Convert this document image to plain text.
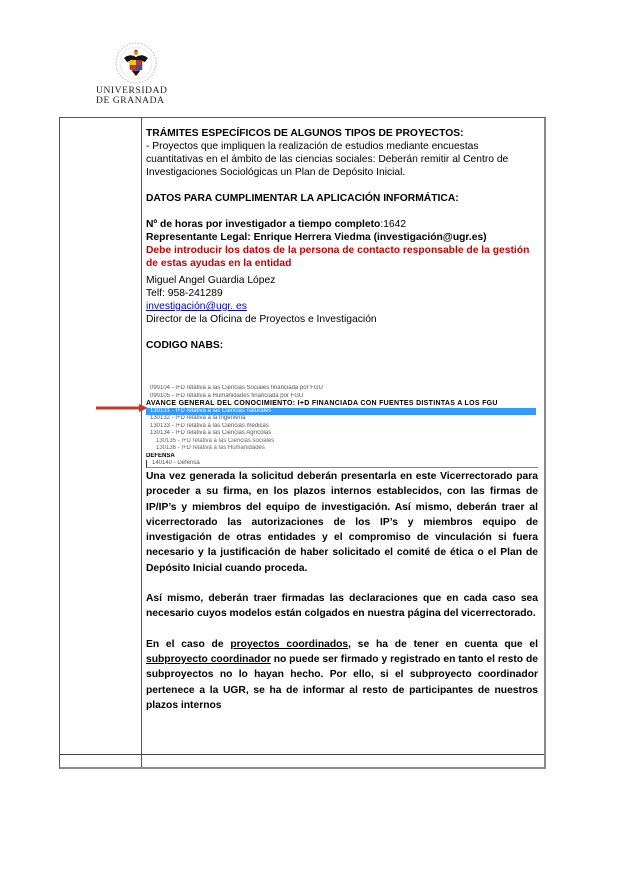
UNIVERSIDAD
DE GRANADA

TRÁMITES ESPECÍFICOS DE ALGUNOS TIPOS DE PROYECTOS:

- Proyectos que impliquen la realización de estudios mediante encuestas cuantitativas en el ámbito de las ciencias sociales: Deberán remitir al Centro de Investigaciones Sociológicas un Plan de Depósito Inicial.

DATOS PARA CUMPLIMENTAR LA APLICACIÓN INFORMÁTICA:

Nº de horas por investigador a tiempo completo:1642

Representante Legal: Enrique Herrera Viedma (investigación@ugr.es)

Debe introducir los datos de la persona de contacto responsable de la gestión de estas ayudas en la entidad

Miguel Angel Guardia López

Telf: 958-241289

investigación@ugr. es

Director de la Oficina de Proyectos e Investigación

CODIGO NABS:

090104 - I+D relativa a las Ciencias Sociales financiada por FGU
090105 - I+D relativa a Humanidades financiada por FGU
AVANCE GENERAL DEL CONOCIMIENTO: I+D FINANCIADA CON FUENTES DISTINTAS A LOS FGU
130131 - I+D relativa a las Ciencias naturales
130132 - I+D relativa a la Ingeniería
130133 - I+D relativa a las Ciencias médicas
130134 - I+D relativa a las Ciencias Agrícolas
130135 - I+D relativa a las Ciencias sociales
130136 - I+D relativa a las Humanidades
DEFENSA
140140 - Defensa

Una vez generada la solicitud deberán presentarla en este Vicerrectorado para proceder a su firma, en los plazos internos establecidos, con las firmas de IP/IP’s y miembros del equipo de investigación. Así mismo, deberán traer al vicerrectorado las autorizaciones de los IP’s y miembros equipo de investigación de otras entidades y el compromiso de vinculación si fuera necesario y la justificación de haber solicitado el comité de ética o el Plan de Depósito Inicial cuando proceda.

Así mismo, deberán traer firmadas las declaraciones que en cada caso sea necesario cuyos modelos están colgados en nuestra página del vicerrectorado.

En el caso de proyectos coordinados, se ha de tener en cuenta que el subproyecto coordinador no puede ser firmado y registrado en tanto el resto de subproyectos no lo hayan hecho. Por ello, si el subproyecto coordinador pertenece a la UGR, se ha de informar al resto de participantes de nuestros plazos internos
